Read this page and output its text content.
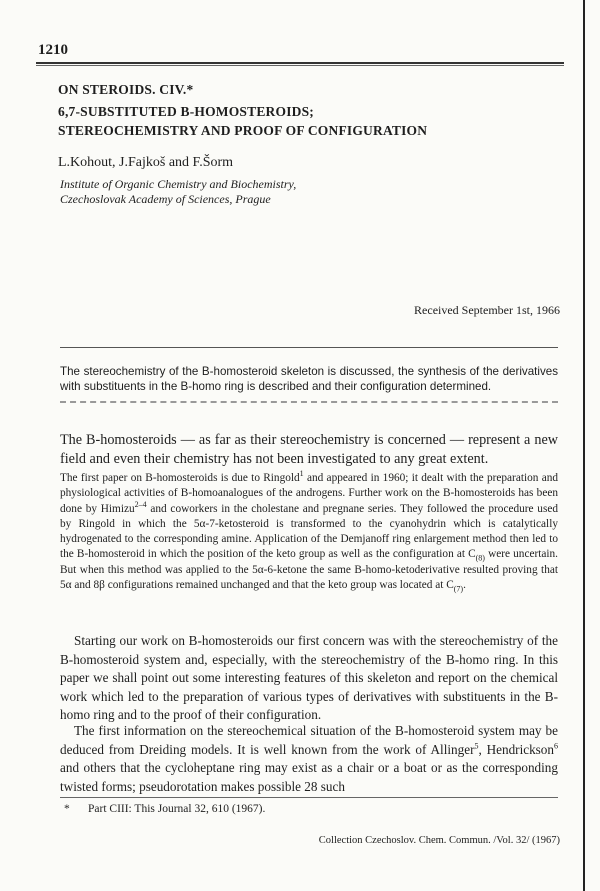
1210
ON STEROIDS. CIV.*
6,7-SUBSTITUTED B-HOMOSTEROIDS;
STEREOCHEMISTRY AND PROOF OF CONFIGURATION
L.Kohout, J.Fajkoš and F.Šorm
Institute of Organic Chemistry and Biochemistry,
Czechoslovak Academy of Sciences, Prague
Received September 1st, 1966
The stereochemistry of the B-homosteroid skeleton is discussed, the synthesis of the derivatives with substituents in the B-homo ring is described and their configuration determined.
The B-homosteroids — as far as their stereochemistry is concerned — represent a new field and even their chemistry has not been investigated to any great extent.
The first paper on B-homosteroids is due to Ringold$^1$ and appeared in 1960; it dealt with the preparation and physiological activities of B-homoanalogues of the androgens. Further work on the B-homosteroids has been done by Himizu$^{2-4}$ and coworkers in the cholestane and pregnane series. They followed the procedure used by Ringold in which the 5α-7-ketosteroid is transformed to the cyanohydrin which is catalytically hydrogenated to the corresponding amine. Application of the Demjanoff ring enlargement method then led to the B-homosteroid in which the position of the keto group as well as the configuration at $C_{(8)}$ were uncertain. But when this method was applied to the 5α-6-ketone the same B-homo-ketoderivative resulted proving that 5α and 8β configurations remained unchanged and that the keto group was located at $C_{(7)}$.
Starting our work on B-homosteroids our first concern was with the stereochemistry of the B-homosteroid system and, especially, with the stereochemistry of the B-homo ring. In this paper we shall point out some interesting features of this skeleton and report on the chemical work which led to the preparation of various types of derivatives with substituents in the B-homo ring and to the proof of their configuration.
The first information on the stereochemical situation of the B-homosteroid system may be deduced from Dreiding models. It is well known from the work of Allinger$^5$, Hendrickson$^6$ and others that the cycloheptane ring may exist as a chair or a boat or as the corresponding twisted forms; pseudorotation makes possible 28 such
* Part CIII: This Journal 32, 610 (1967).
Collection Czechoslov. Chem. Commun. /Vol. 32/ (1967)
